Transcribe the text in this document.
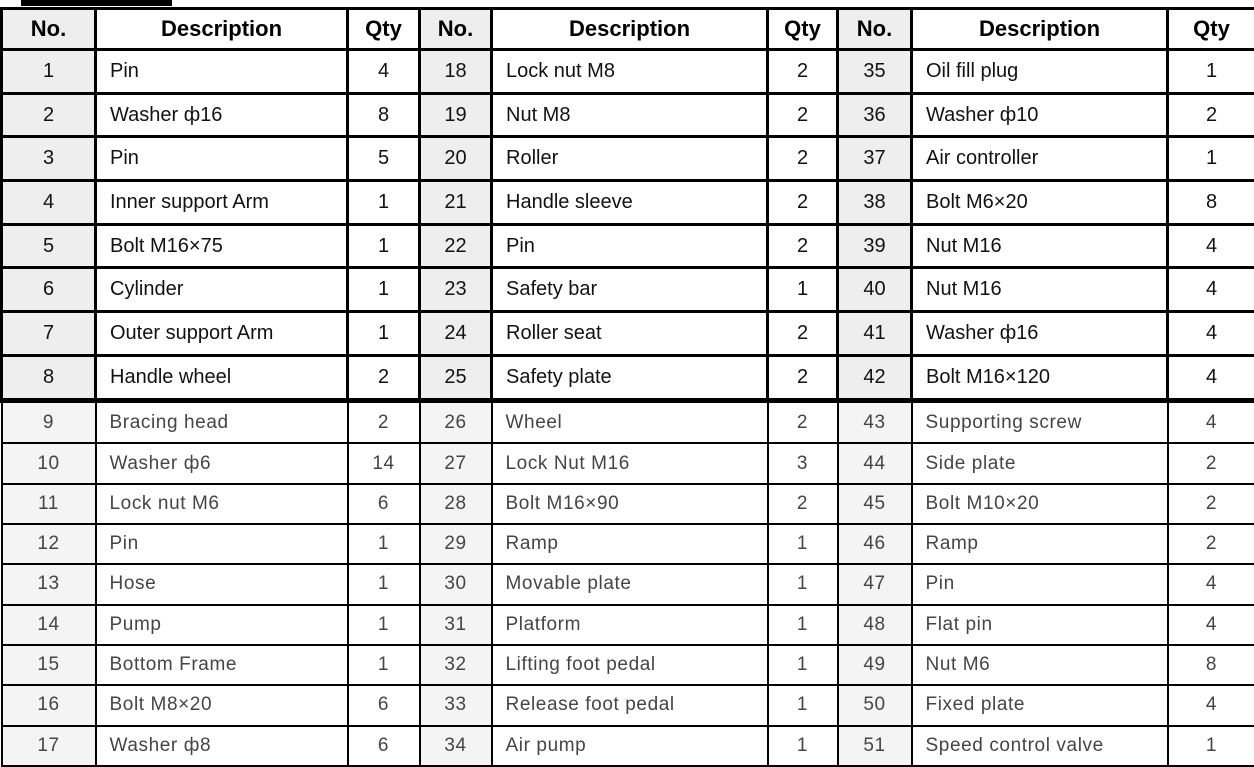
No.	Description	Qty	No.	Description	Qty	No.	Description	Qty
1	Pin	4	18	Lock nut M8	2	35	Oil fill plug	1
2	Washer ф16	8	19	Nut M8	2	36	Washer ф10	2
3	Pin	5	20	Roller	2	37	Air controller	1
4	Inner support Arm	1	21	Handle sleeve	2	38	Bolt M6×20	8
5	Bolt M16×75	1	22	Pin	2	39	Nut M16	4
6	Cylinder	1	23	Safety bar	1	40	Nut M16	4
7	Outer support Arm	1	24	Roller seat	2	41	Washer ф16	4
8	Handle wheel	2	25	Safety plate	2	42	Bolt M16×120	4
9	Bracing head	2	26	Wheel	2	43	Supporting screw	4
10	Washer ф6	14	27	Lock Nut M16	3	44	Side plate	2
11	Lock nut M6	6	28	Bolt M16×90	2	45	Bolt M10×20	2
12	Pin	1	29	Ramp	1	46	Ramp	2
13	Hose	1	30	Movable plate	1	47	Pin	4
14	Pump	1	31	Platform	1	48	Flat pin	4
15	Bottom Frame	1	32	Lifting foot pedal	1	49	Nut M6	8
16	Bolt M8×20	6	33	Release foot pedal	1	50	Fixed plate	4
17	Washer ф8	6	34	Air pump	1	51	Speed control valve	1
